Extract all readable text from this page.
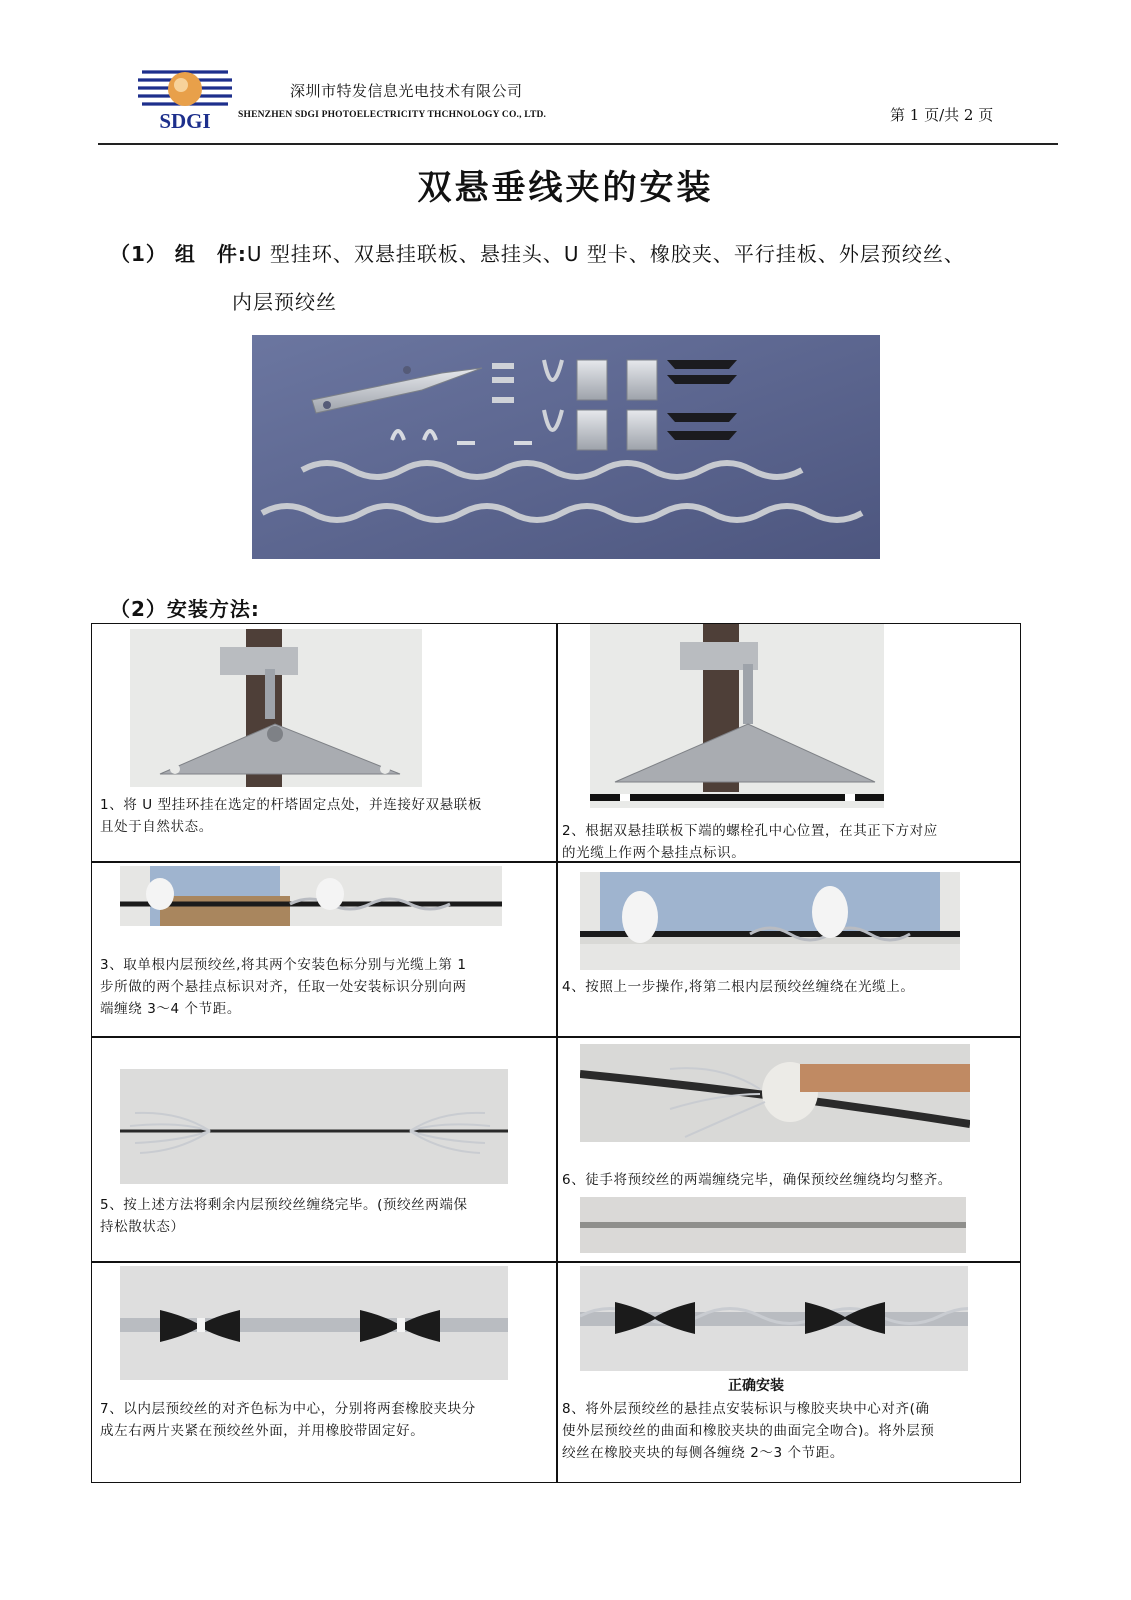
SDGI
深圳市特发信息光电技术有限公司
SHENZHEN SDGI PHOTOELECTRICITY THCHNOLOGY CO., LTD.	第 1 页/共 2 页
双悬垂线夹的安装
（1） 组　件:U 型挂环、双悬挂联板、悬挂头、U 型卡、橡胶夹、平行挂板、外层预绞丝、
内层预绞丝
（2）安装方法:
1、将 U 型挂环挂在选定的杆塔固定点处，并连接好双悬联板
且处于自然状态。	2、根据双悬挂联板下端的螺栓孔中心位置，在其正下方对应
的光缆上作两个悬挂点标识。
3、取单根内层预绞丝,将其两个安装色标分别与光缆上第 1
步所做的两个悬挂点标识对齐，任取一处安装标识分别向两
端缠绕 3～4 个节距。
4、按照上一步操作,将第二根内层预绞丝缠绕在光缆上。
5、按上述方法将剩余内层预绞丝缠绕完毕。(预绞丝两端保
持松散状态）
6、徒手将预绞丝的两端缠绕完毕，确保预绞丝缠绕均匀整齐。
7、以内层预绞丝的对齐色标为中心，分别将两套橡胶夹块分
成左右两片夹紧在预绞丝外面，并用橡胶带固定好。
正确安装
8、将外层预绞丝的悬挂点安装标识与橡胶夹块中心对齐(确
使外层预绞丝的曲面和橡胶夹块的曲面完全吻合)。将外层预
绞丝在橡胶夹块的每侧各缠绕 2～3 个节距。
